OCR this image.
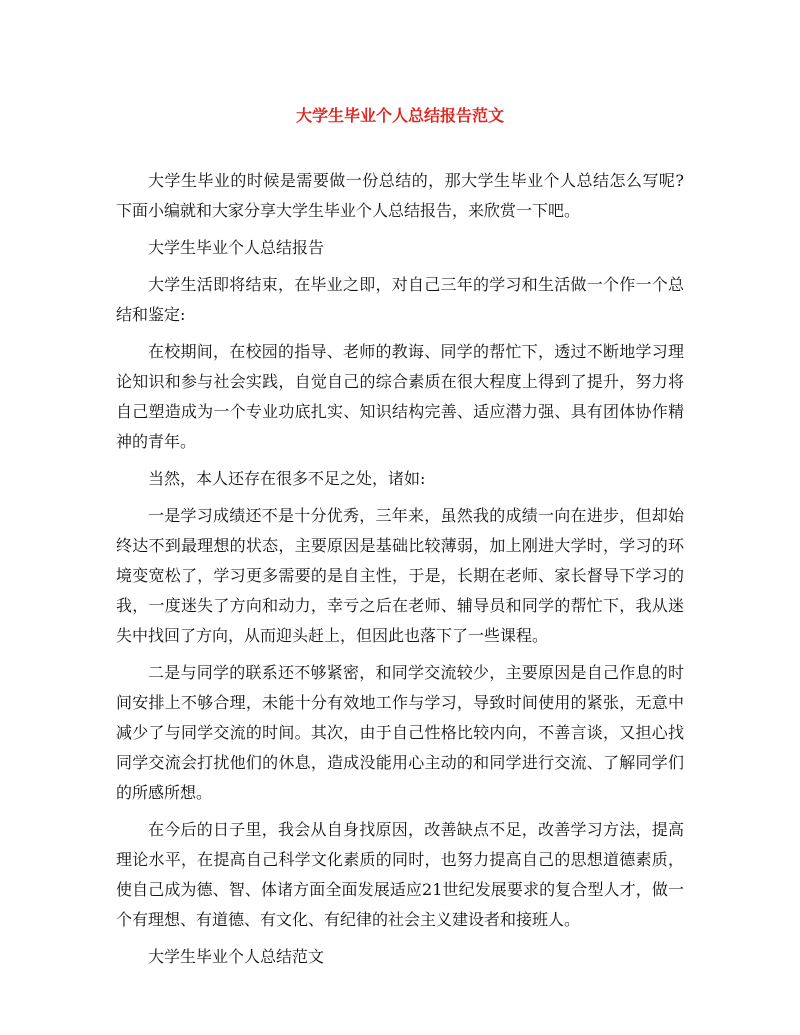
大学生毕业个人总结报告范文

大学生毕业的时候是需要做一份总结的，那大学生毕业个人总结怎么写呢?下面小编就和大家分享大学生毕业个人总结报告，来欣赏一下吧。

大学生毕业个人总结报告

大学生活即将结束，在毕业之即，对自己三年的学习和生活做一个作一个总结和鉴定:

在校期间，在校园的指导、老师的教诲、同学的帮忙下，透过不断地学习理论知识和参与社会实践，自觉自己的综合素质在很大程度上得到了提升，努力将自己塑造成为一个专业功底扎实、知识结构完善、适应潜力强、具有团体协作精神的青年。

当然，本人还存在很多不足之处，诸如:

一是学习成绩还不是十分优秀，三年来，虽然我的成绩一向在进步，但却始终达不到最理想的状态，主要原因是基础比较薄弱，加上刚进大学时，学习的环境变宽松了，学习更多需要的是自主性，于是，长期在老师、家长督导下学习的我，一度迷失了方向和动力，幸亏之后在老师、辅导员和同学的帮忙下，我从迷失中找回了方向，从而迎头赶上，但因此也落下了一些课程。

二是与同学的联系还不够紧密，和同学交流较少，主要原因是自己作息的时间安排上不够合理，未能十分有效地工作与学习，导致时间使用的紧张，无意中减少了与同学交流的时间。其次，由于自己性格比较内向，不善言谈，又担心找同学交流会打扰他们的休息，造成没能用心主动的和同学进行交流、了解同学们的所感所想。

在今后的日子里，我会从自身找原因，改善缺点不足，改善学习方法，提高理论水平，在提高自己科学文化素质的同时，也努力提高自己的思想道德素质，使自己成为德、智、体诸方面全面发展适应21世纪发展要求的复合型人才，做一个有理想、有道德、有文化、有纪律的社会主义建设者和接班人。

大学生毕业个人总结范文
